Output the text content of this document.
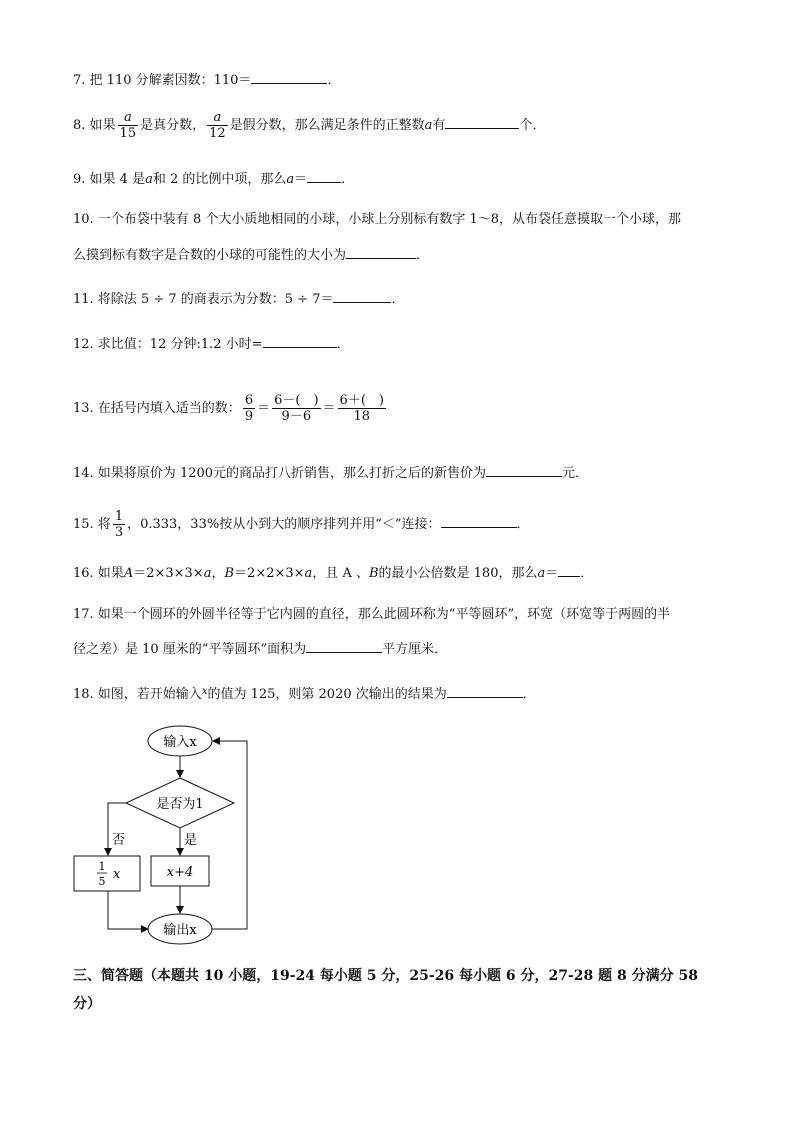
7. 把 110 分解素因数：110＝	．
8. 如果 $\frac{a}{15}$ 是真分数， $\frac{a}{12}$ 是假分数，那么满足条件的正整数a有	个．
9. 如果 4 是a和 2 的比例中项，那么a＝	．
10. 一个布袋中装有 8 个大小质地相同的小球，小球上分别标有数字 1～8，从布袋任意摸取一个小球，那
么摸到标有数字是合数的小球的可能性的大小为	．
11. 将除法 5 ÷ 7 的商表示为分数：5 ÷ 7＝	．
12. 求比值：12 分钟:1.2 小时=	．
13. 在括号内填入适当的数： $\frac{6}{9} = \frac{6-( )}{9-6} = \frac{6+( )}{18}$
14. 如果将原价为 1200元的商品打八折销售，那么打折之后的新售价为	元．
15. 将 $\frac{1}{3}$ ，0.333，33%按从小到大的顺序排列并用“＜”连接：	．
16. 如果A＝2×3×3×a，B＝2×2×3×a，且 A 、B的最小公倍数是 180，那么a＝ ．
17. 如果一个圆环的外圆半径等于它内圆的直径，那么此圆环称为“平等圆环”，环宽（环宽等于两圆的半
径之差）是 10 厘米的“平等圆环”面积为	平方厘米．
18. 如图，若开始输入$^x$的值为 125，则第 2020 次输出的结果为	．
输入x
是否为1
否	是
1
5 x	x+4
输出x
三、简答题（本题共 10 小题，19-24 每小题 5 分，25-26 每小题 6 分，27-28 题 8 分满分 58 分）
